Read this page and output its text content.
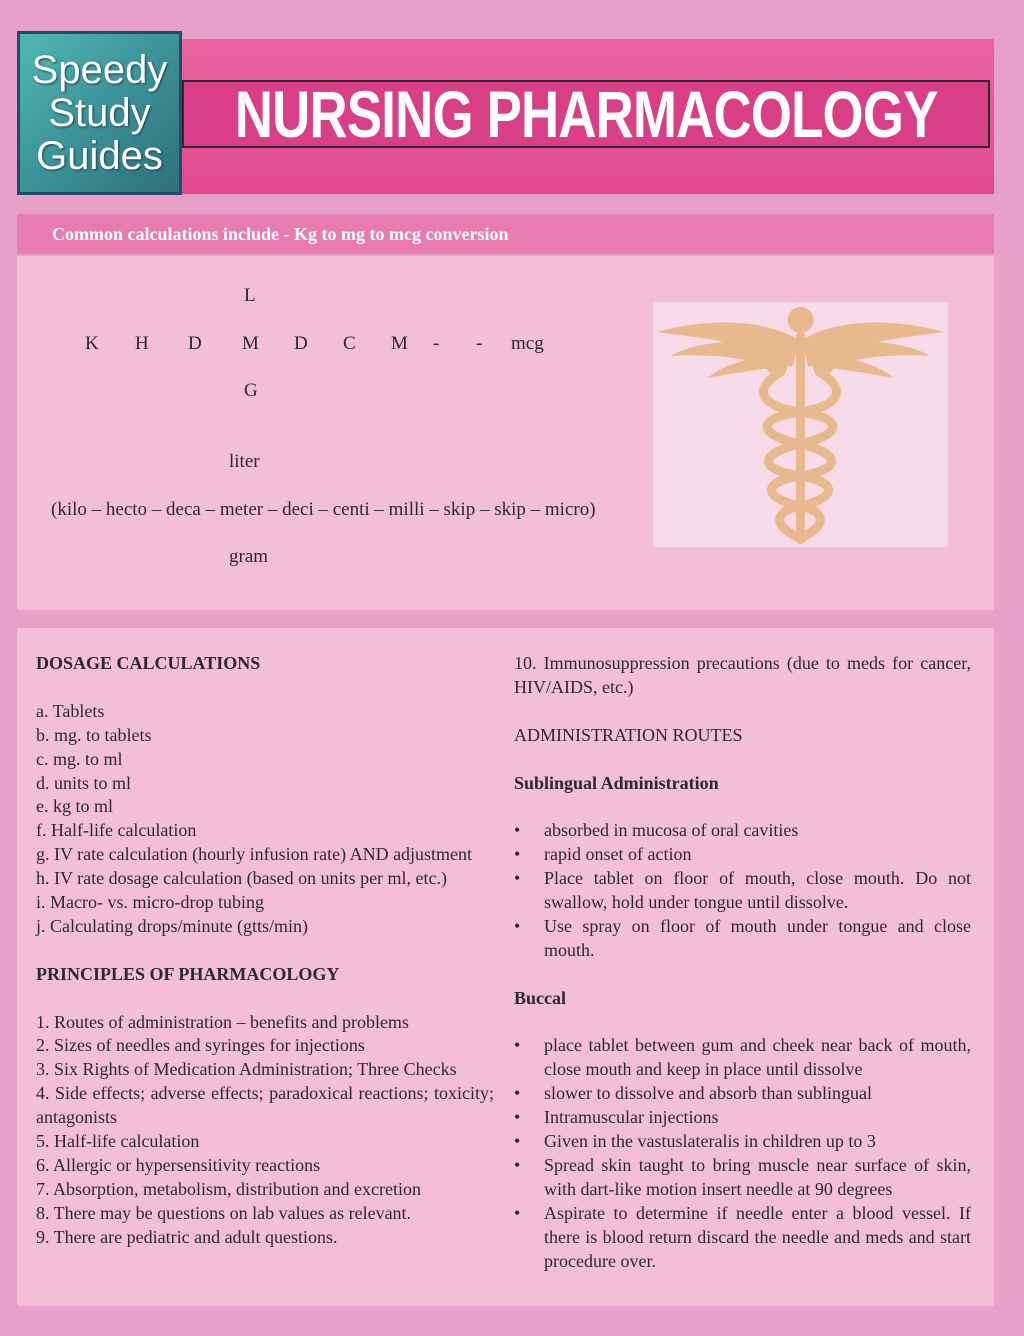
Speedy
Study
Guides
NURSING PHARMACOLOGY

Common calculations include - Kg to mg to mcg conversion

L
K H D M D C M - - mcg
G
liter
(kilo – hecto – deca – meter – deci – centi – milli – skip – skip – micro)
gram

DOSAGE CALCULATIONS

a. Tablets

b. mg. to tablets

c. mg. to ml

d. units to ml

e. kg to ml

f. Half-life calculation

g. IV rate calculation (hourly infusion rate) AND adjustment

h. IV rate dosage calculation (based on units per ml, etc.)

i. Macro- vs. micro-drop tubing

j. Calculating drops/minute (gtts/min)

PRINCIPLES OF PHARMACOLOGY

1. Routes of administration – benefits and problems

2. Sizes of needles and syringes for injections

3. Six Rights of Medication Administration; Three Checks

4. Side effects; adverse effects; paradoxical reactions; toxicity; antagonists

5. Half-life calculation

6. Allergic or hypersensitivity reactions

7. Absorption, metabolism, distribution and excretion

8. There may be questions on lab values as relevant.

9. There are pediatric and adult questions.

10. Immunosuppression precautions (due to meds for cancer, HIV/AIDS, etc.)

ADMINISTRATION ROUTES

Sublingual Administration

• absorbed in mucosa of oral cavities
• rapid onset of action
• Place tablet on floor of mouth, close mouth. Do not swallow, hold under tongue until dissolve.
• Use spray on floor of mouth under tongue and close mouth.

Buccal

• place tablet between gum and cheek near back of mouth, close mouth and keep in place until dissolve
• slower to dissolve and absorb than sublingual
• Intramuscular injections
• Given in the vastuslateralis in children up to 3
• Spread skin taught to bring muscle near surface of skin, with dart-like motion insert needle at 90 degrees
• Aspirate to determine if needle enter a blood vessel. If there is blood return discard the needle and meds and start procedure over.
